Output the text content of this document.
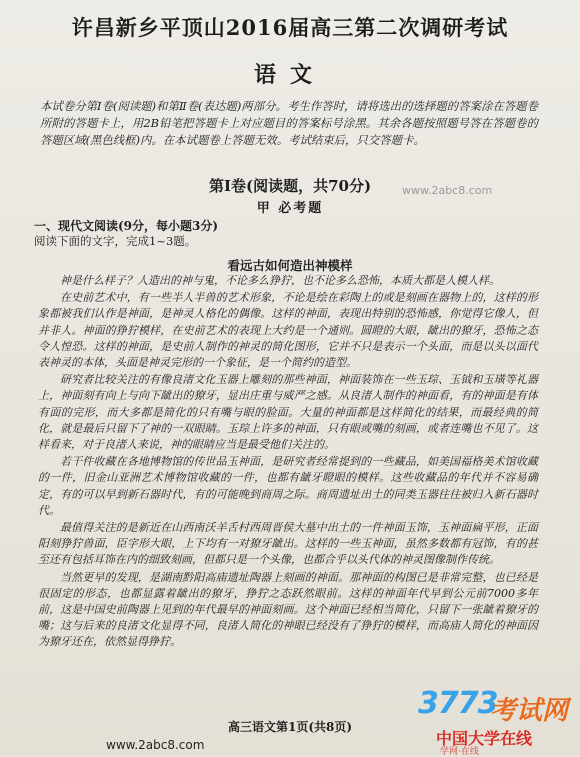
许昌新乡平顶山2016届高三第二次调研考试
语文
本试卷分第Ⅰ卷(阅读题)和第Ⅱ卷(表达题)两部分。考生作答时，请将选出的选择题的答案涂在答题卷所附的答题卡上，用2B铅笔把答题卡上对应题目的答案标号涂黑。其余各题按照题号答在答题卷的答题区域(黑色线框)内。在本试题卷上答题无效。考试结束后，只交答题卡。
第Ⅰ卷(阅读题，共70分)	www.2abc8.com
甲 必考题
一、现代文阅读(9分，每小题3分)
阅读下面的文字，完成1~3题。
看远古如何造出神模样

神是什么样子？人造出的神与鬼，不论多么狰狞，也不论多么恐怖，本质大都是人模人样。

在史前艺术中，有一些半人半兽的艺术形象，不论是绘在彩陶上的或是刻画在器物上的，这样的形象都被我们认作是神面，是神灵人格化的偶像。这样的神面，表现出特别的恐怖感，你觉得它像人，但并非人。神面的狰狞模样，在史前艺术的表现上大约是一个通则。圆瞪的大眼，龇出的獠牙，恐怖之态令人惶恐。这样的神面，是史前人制作的神灵的简化图形，它并不只是表示一个头面，而是以头以面代表神灵的本体，头面是神灵完形的一个象征，是一个简约的造型。

研究者比较关注的有像良渚文化玉器上雕刻的那些神面，神面装饰在一些玉琮、玉钺和玉璜等礼器上，神面刻有向上与向下龇出的獠牙，显出庄重与威严之感。从良渚人制作的神面看，有的神面是有体有面的完形，而大多都是简化的只有嘴与眼的脸面。大量的神面都是这样简化的结果，而最经典的简化，就是最后只留下了神的一双眼睛。玉琮上许多的神面，只有眼或嘴的刻画，或者连嘴也不见了。这样看来，对于良渚人来说，神的眼睛应当是最受他们关注的。

若干件收藏在各地博物馆的传世品玉神面，是研究者经常提到的一些藏品，如美国福格美术馆收藏的一件，旧金山亚洲艺术博物馆收藏的一件，也都有龇牙瞪眼的模样。这些收藏品的年代并不容易确定，有的可以早到新石器时代，有的可能晚到商周之际。商周遗址出土的同类玉器往往被归入新石器时代。

最值得关注的是新近在山西南沃羊舌村西周晋侯大墓中出土的一件神面玉饰，玉神面扁平形，正面阳刻狰狞兽面，臣字形大眼，上下均有一对獠牙龇出。这样的一些玉神面，虽然多数都有冠饰，有的甚至还有包括耳饰在内的细致刻画，但都只是一个头像，也都合乎以头代体的神灵图像制作传统。

当然更早的发现，是湖南黔阳高庙遗址陶器上刻画的神面。那神面的构图已是非常完整，也已经是很固定的形态，也都显露着龇出的獠牙，狰狞之态跃然眼前。这样的神面年代早到公元前7000多年前，这是中国史前陶器上见到的年代最早的神面刻画。这个神面已经相当简化，只留下一张龇着獠牙的嘴；这与后来的良渚文化显得不同，良渚人简化的神眼已经没有了狰狞的模样，而高庙人简化的神面因为獠牙还在，依然显得狰狞。

高三语文第1页(共8页)
www.2abc8.com
3773
考试网
中国大学在线
学网·在线
